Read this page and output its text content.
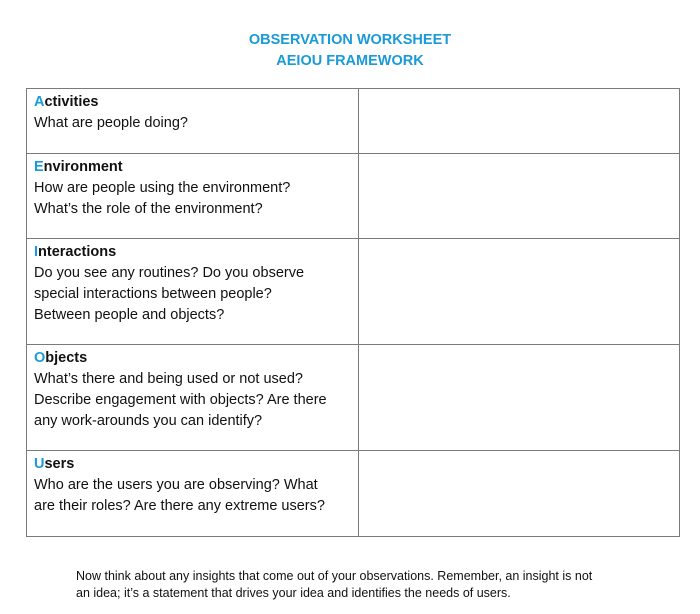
OBSERVATION WORKSHEET
AEIOU FRAMEWORK
Activities
What are people doing?	

Environment
How are people using the environment?
What’s the role of the environment?	

Interactions
Do you see any routines? Do you observe
special interactions between people?
Between people and objects?	

Objects
What’s there and being used or not used?
Describe engagement with objects? Are there
any work-arounds you can identify?	

Users
Who are the users you are observing? What
are their roles? Are there any extreme users?	

Now think about any insights that come out of your observations. Remember, an insight is not
an idea; it’s a statement that drives your idea and identifies the needs of users.
